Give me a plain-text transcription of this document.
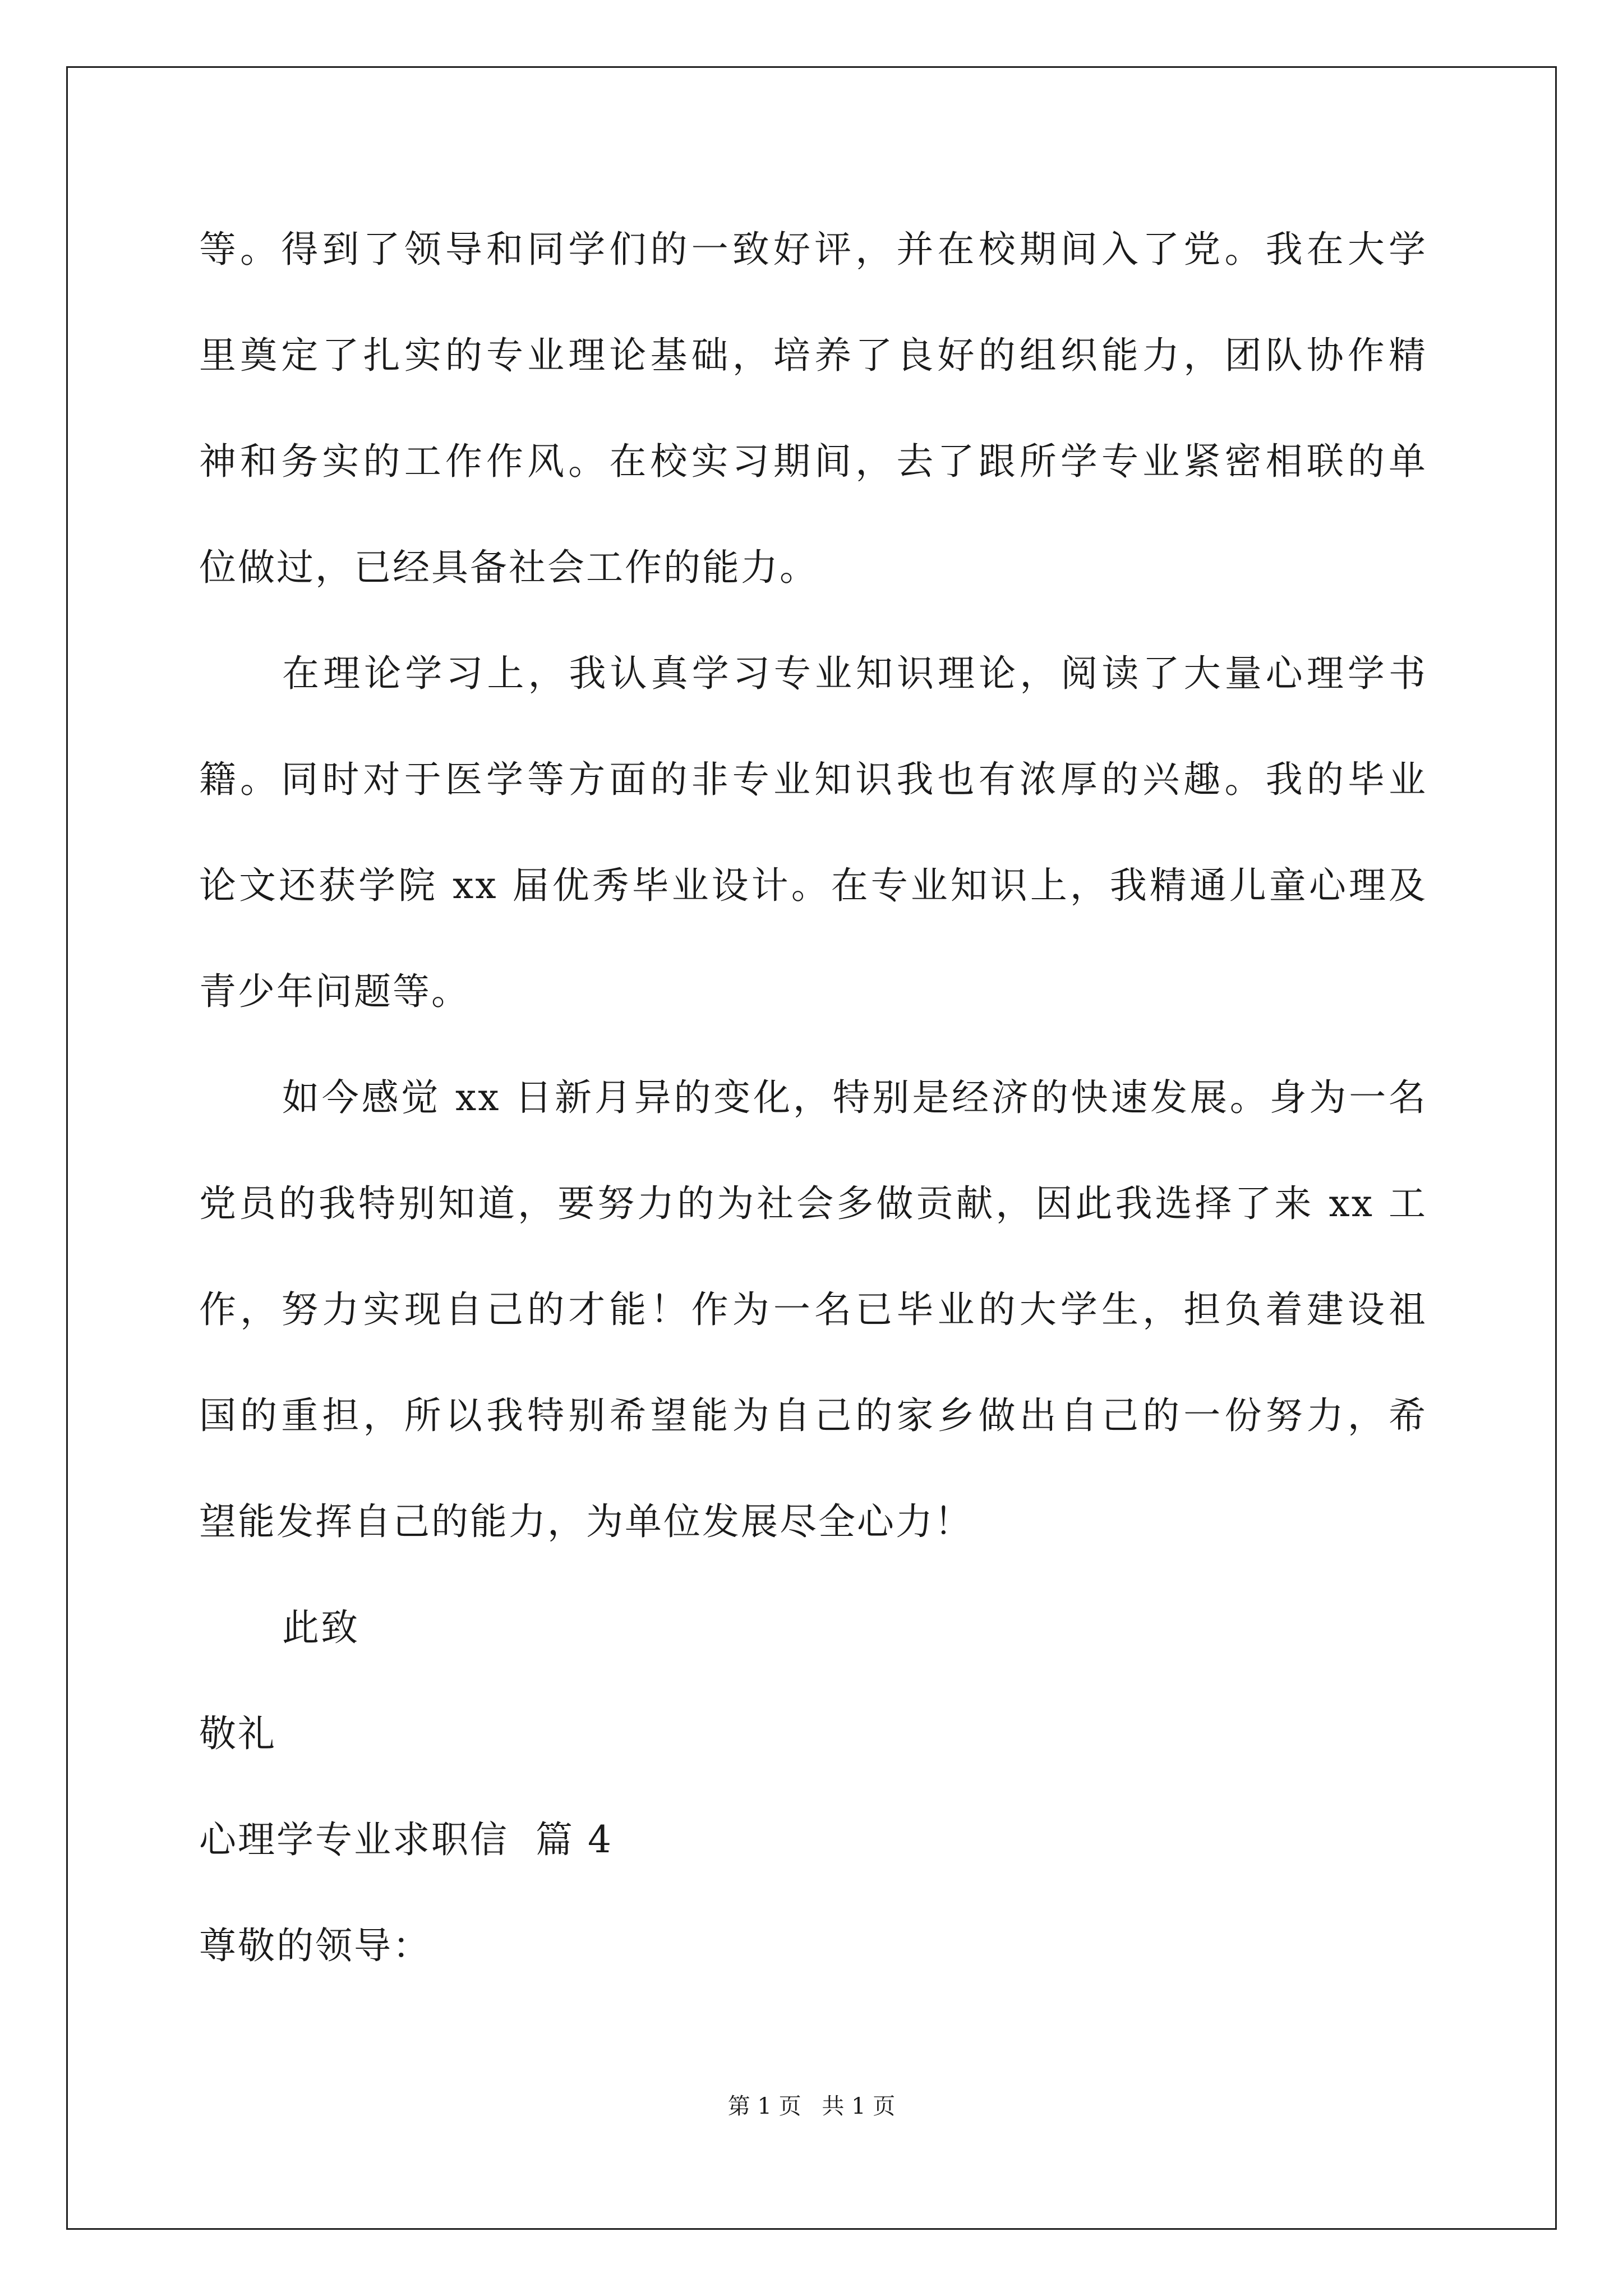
等。得到了领导和同学们的一致好评，并在校期间入了党。我在大学
里奠定了扎实的专业理论基础，培养了良好的组织能力，团队协作精
神和务实的工作作风。在校实习期间，去了跟所学专业紧密相联的单
位做过，已经具备社会工作的能力。
在理论学习上，我认真学习专业知识理论，阅读了大量心理学书
籍。同时对于医学等方面的非专业知识我也有浓厚的兴趣。我的毕业
论文还获学院 xx 届优秀毕业设计。在专业知识上，我精通儿童心理及
青少年问题等。
如今感觉 xx 日新月异的变化，特别是经济的快速发展。身为一名
党员的我特别知道，要努力的为社会多做贡献，因此我选择了来 xx 工
作，努力实现自己的才能！作为一名已毕业的大学生，担负着建设祖
国的重担，所以我特别希望能为自己的家乡做出自己的一份努力，希
望能发挥自己的能力，为单位发展尽全心力！
此致
敬礼
心理学专业求职信  篇 4
尊敬的领导：
第 1 页 共 1 页
